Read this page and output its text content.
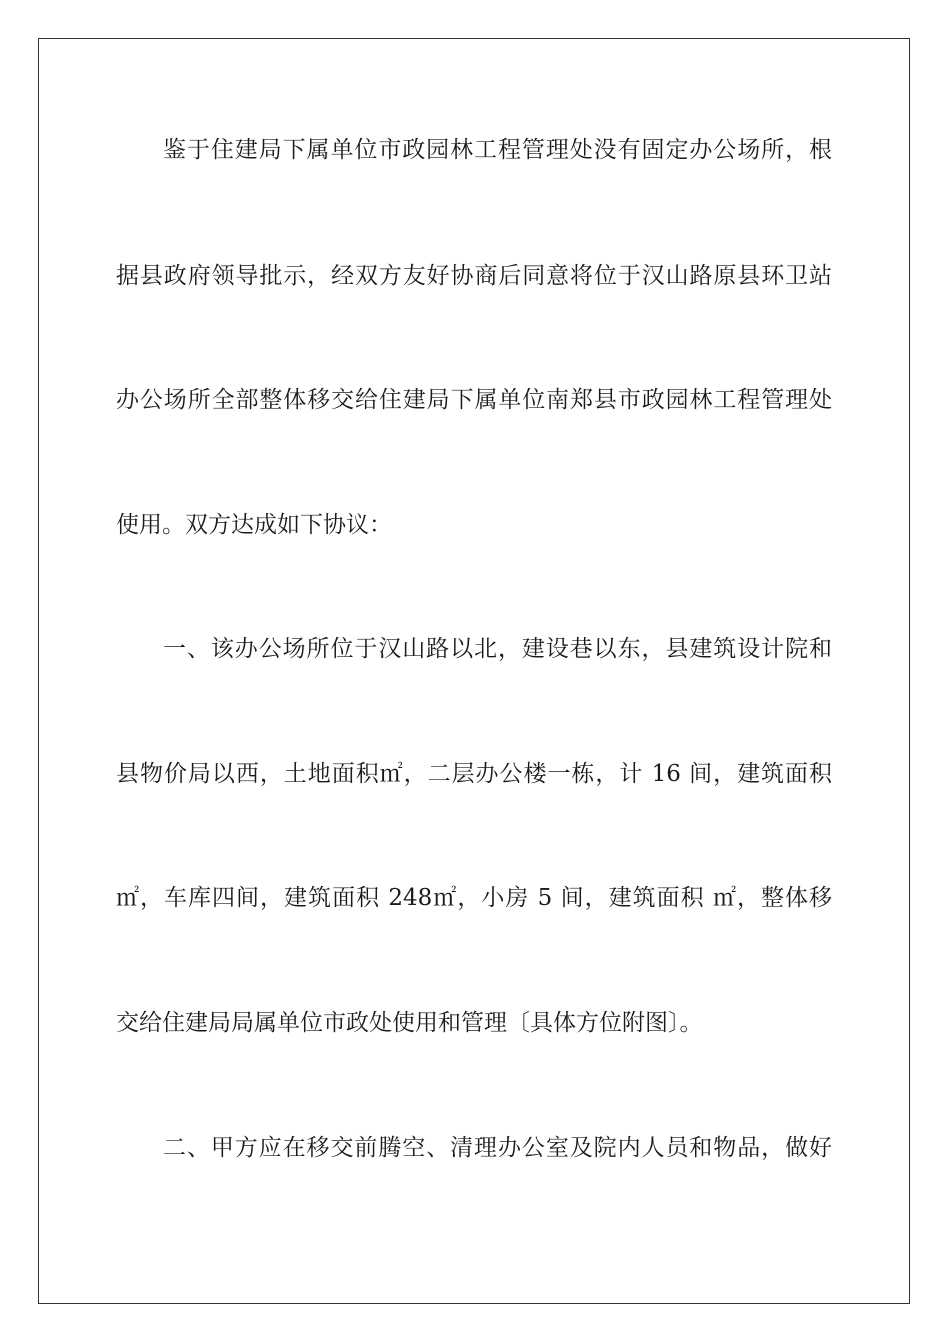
鉴于住建局下属单位市政园林工程管理处没有固定办公场所，根
据县政府领导批示，经双方友好协商后同意将位于汉山路原县环卫站
办公场所全部整体移交给住建局下属单位南郑县市政园林工程管理处
使用。双方达成如下协议：
一、该办公场所位于汉山路以北，建设巷以东，县建筑设计院和
县物价局以西，土地面积㎡，二层办公楼一栋，计 16 间，建筑面积
㎡，车库四间，建筑面积 248㎡，小房 5 间，建筑面积 ㎡，整体移
交给住建局局属单位市政处使用和管理〔具体方位附图〕。
二、甲方应在移交前腾空、清理办公室及院内人员和物品，做好
